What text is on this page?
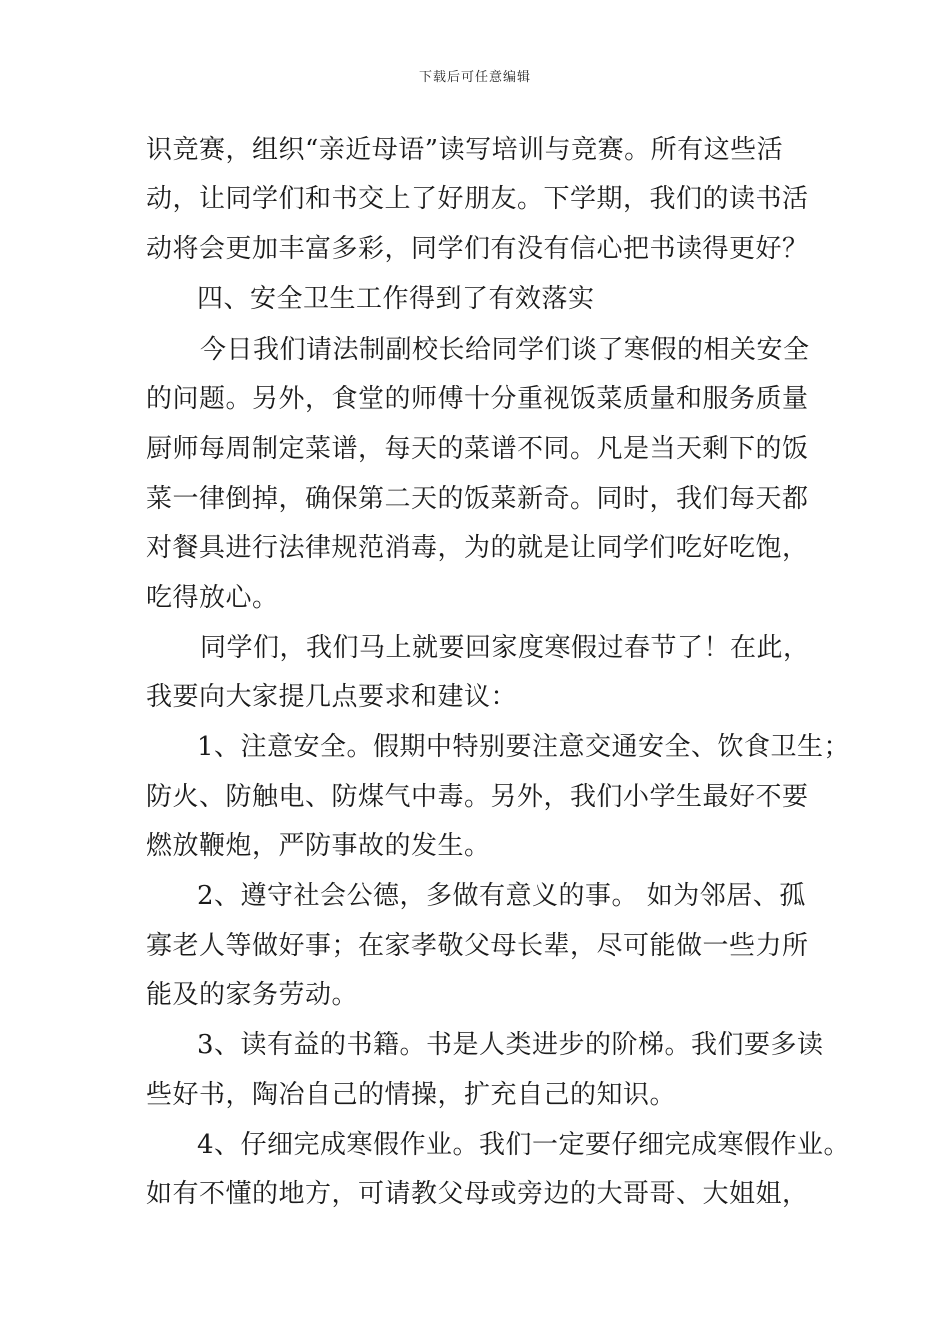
下载后可任意编辑
识竞赛，组织“亲近母语”读写培训与竞赛。所有这些活
动，让同学们和书交上了好朋友。下学期，我们的读书活
动将会更加丰富多彩，同学们有没有信心把书读得更好？
四、安全卫生工作得到了有效落实
今日我们请法制副校长给同学们谈了寒假的相关安全
的问题。另外，食堂的师傅十分重视饭菜质量和服务质量
厨师每周制定菜谱，每天的菜谱不同。凡是当天剩下的饭
菜一律倒掉，确保第二天的饭菜新奇。同时，我们每天都
对餐具进行法律规范消毒，为的就是让同学们吃好吃饱，
吃得放心。
同学们，我们马上就要回家度寒假过春节了！在此，
我要向大家提几点要求和建议：
1、注意安全。假期中特别要注意交通安全、饮食卫生；
防火、防触电、防煤气中毒。另外，我们小学生最好不要
燃放鞭炮，严防事故的发生。
2、遵守社会公德，多做有意义的事。 如为邻居、孤
寡老人等做好事；在家孝敬父母长辈，尽可能做一些力所
能及的家务劳动。
3、读有益的书籍。书是人类进步的阶梯。我们要多读
些好书，陶冶自己的情操，扩充自己的知识。
4、仔细完成寒假作业。我们一定要仔细完成寒假作业。
如有不懂的地方，可请教父母或旁边的大哥哥、大姐姐，
